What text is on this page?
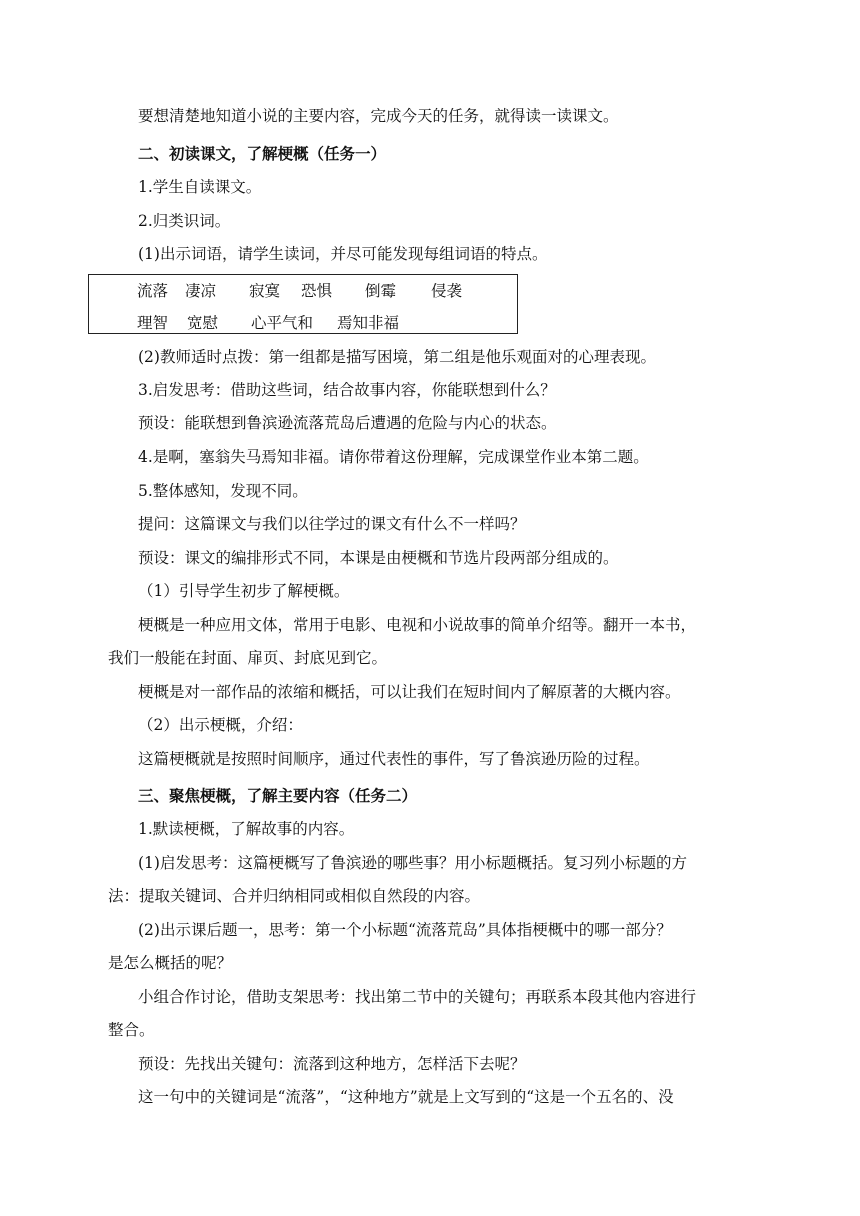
要想清楚地知道小说的主要内容，完成今天的任务，就得读一读课文。
二、初读课文，了解梗概（任务一）
1.学生自读课文。
2.归类识词。
(1)出示词语，请学生读词，并尽可能发现每组词语的特点。
流落 凄凉 寂寞 恐惧 倒霉 侵袭
理智 宽慰 心平气和 焉知非福
(2)教师适时点拨：第一组都是描写困境，第二组是他乐观面对的心理表现。
3.启发思考：借助这些词，结合故事内容，你能联想到什么？
预设：能联想到鲁滨逊流落荒岛后遭遇的危险与内心的状态。
4.是啊，塞翁失马焉知非福。请你带着这份理解，完成课堂作业本第二题。
5.整体感知，发现不同。
提问：这篇课文与我们以往学过的课文有什么不一样吗？
预设：课文的编排形式不同，本课是由梗概和节选片段两部分组成的。
（1）引导学生初步了解梗概。
梗概是一种应用文体，常用于电影、电视和小说故事的简单介绍等。翻开一本书，
我们一般能在封面、扉页、封底见到它。
梗概是对一部作品的浓缩和概括，可以让我们在短时间内了解原著的大概内容。
（2）出示梗概，介绍：
这篇梗概就是按照时间顺序，通过代表性的事件，写了鲁滨逊历险的过程。
三、聚焦梗概，了解主要内容（任务二）
1.默读梗概，了解故事的内容。
(1)启发思考：这篇梗概写了鲁滨逊的哪些事？用小标题概括。复习列小标题的方
法：提取关键词、合并归纳相同或相似自然段的内容。
(2)出示课后题一，思考：第一个小标题“流落荒岛”具体指梗概中的哪一部分？
是怎么概括的呢？
小组合作讨论，借助支架思考：找出第二节中的关键句；再联系本段其他内容进行
整合。
预设：先找出关键句：流落到这种地方，怎样活下去呢？
这一句中的关键词是“流落”，“这种地方”就是上文写到的“这是一个五名的、没
